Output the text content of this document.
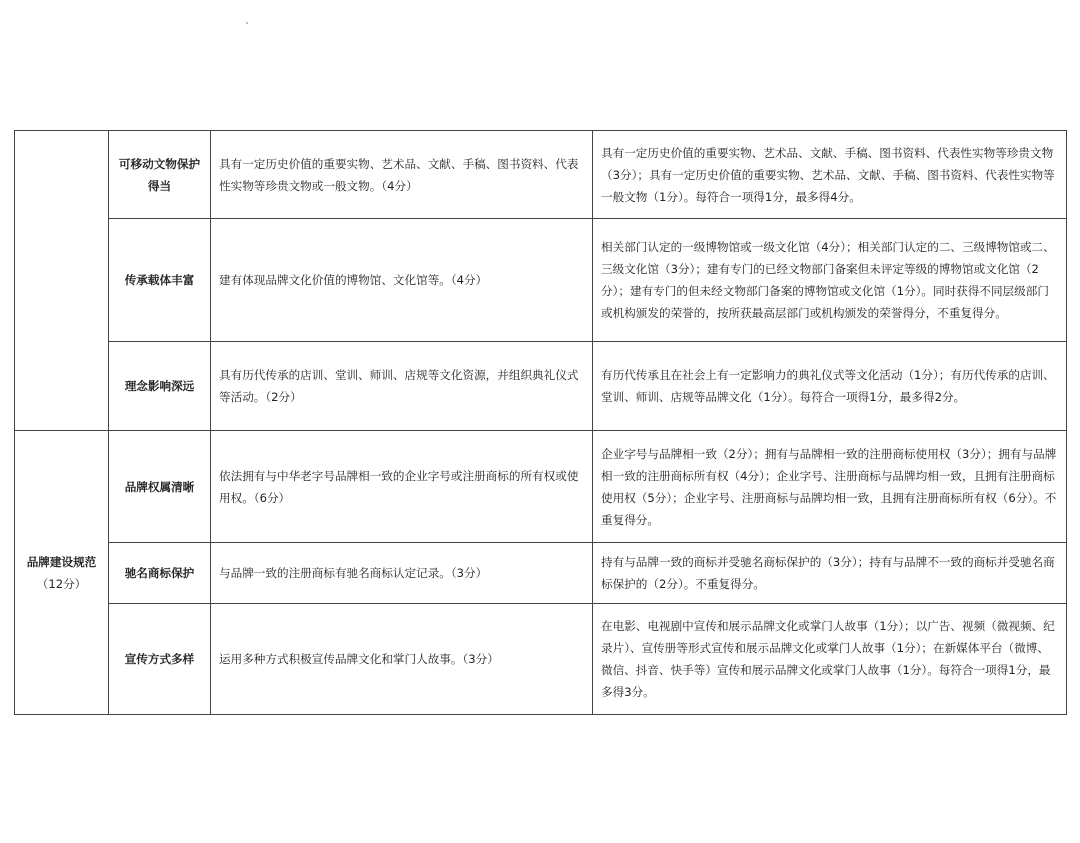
	可移动文物保护得当	具有一定历史价值的重要实物、艺术品、文献、手稿、图书资料、代表性实物等珍贵文物或一般文物。（4分）	具有一定历史价值的重要实物、艺术品、文献、手稿、图书资料、代表性实物等珍贵文物（3分）；具有一定历史价值的重要实物、艺术品、文献、手稿、图书资料、代表性实物等一般文物（1分）。每符合一项得1分，最多得4分。
	传承载体丰富	建有体现品牌文化价值的博物馆、文化馆等。（4分）	相关部门认定的一级博物馆或一级文化馆（4分）；相关部门认定的二、三级博物馆或二、三级文化馆（3分）；建有专门的已经文物部门备案但未评定等级的博物馆或文化馆（2分）；建有专门的但未经文物部门备案的博物馆或文化馆（1分）。同时获得不同层级部门或机构颁发的荣誉的，按所获最高层部门或机构颁发的荣誉得分，不重复得分。
	理念影响深远	具有历代传承的店训、堂训、师训、店规等文化资源，并组织典礼仪式等活动。（2分）	有历代传承且在社会上有一定影响力的典礼仪式等文化活动（1分）；有历代传承的店训、堂训、师训、店规等品牌文化（1分）。每符合一项得1分，最多得2分。
品牌建设规范
（12分）	品牌权属清晰	依法拥有与中华老字号品牌相一致的企业字号或注册商标的所有权或使用权。（6分）	企业字号与品牌相一致（2分）；拥有与品牌相一致的注册商标使用权（3分）；拥有与品牌相一致的注册商标所有权（4分）；企业字号、注册商标与品牌均相一致，且拥有注册商标使用权（5分）；企业字号、注册商标与品牌均相一致，且拥有注册商标所有权（6分）。不重复得分。
	驰名商标保护	与品牌一致的注册商标有驰名商标认定记录。（3分）	持有与品牌一致的商标并受驰名商标保护的（3分）；持有与品牌不一致的商标并受驰名商标保护的（2分）。不重复得分。
	宣传方式多样	运用多种方式积极宣传品牌文化和掌门人故事。（3分）	在电影、电视剧中宣传和展示品牌文化或掌门人故事（1分）；以广告、视频（微视频、纪录片）、宣传册等形式宣传和展示品牌文化或掌门人故事（1分）；在新媒体平台（微博、微信、抖音、快手等）宣传和展示品牌文化或掌门人故事（1分）。每符合一项得1分，最多得3分。
